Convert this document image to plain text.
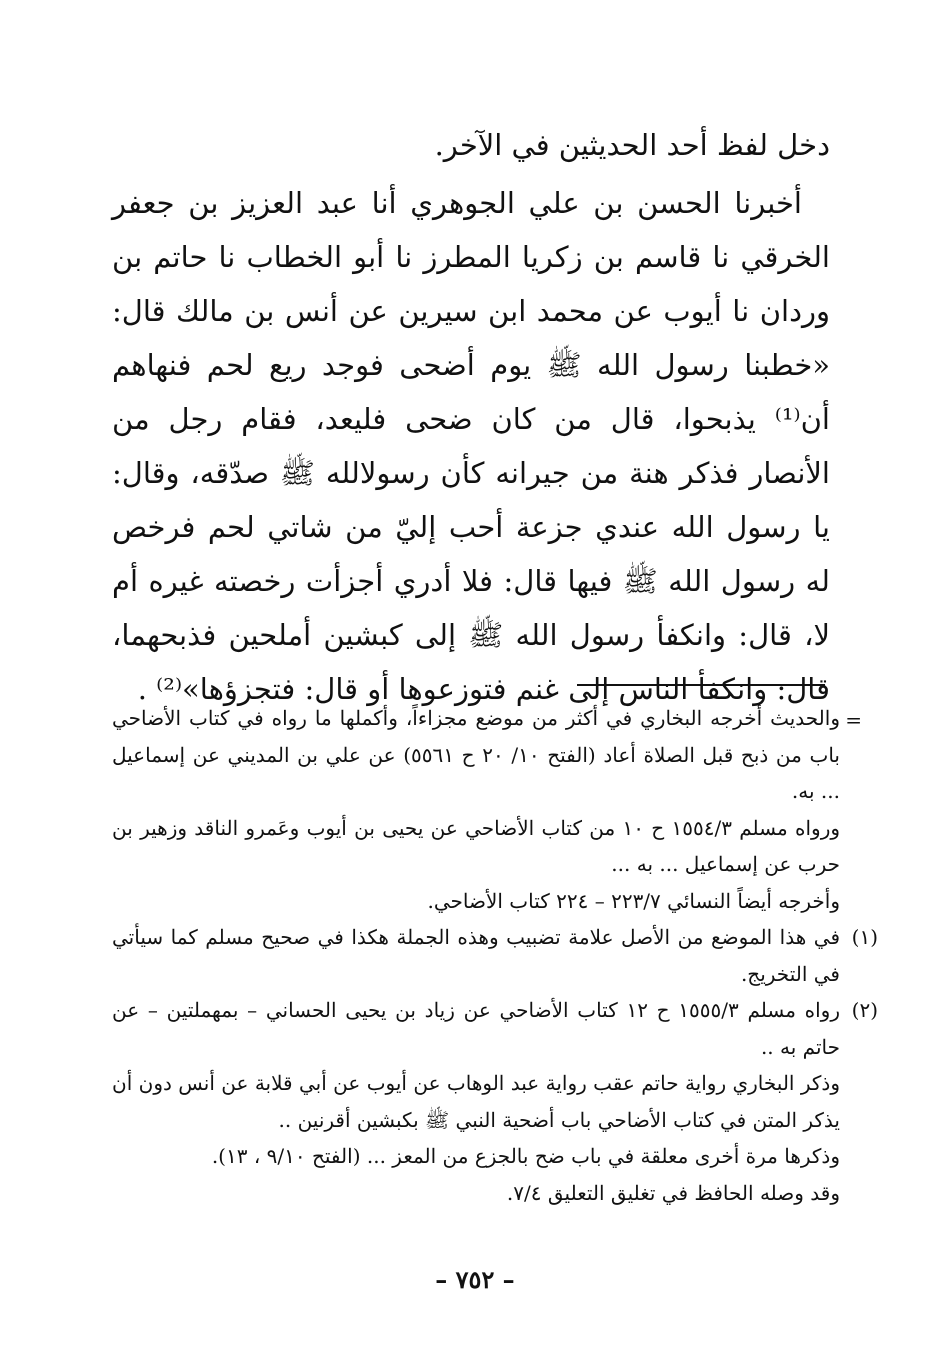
دخل لفظ أحد الحديثين في الآخر.

أخبرنا الحسن بن علي الجوهري أنا عبد العزيز بن جعفر الخرقي نا قاسم بن زكريا المطرز نا أبو الخطاب نا حاتم بن وردان نا أيوب عن محمد ابن سيرين عن أنس بن مالك قال: «خطبنا رسول الله ﷺ يوم أضحى فوجد ريع لحم فنهاهم أن⁽¹⁾ يذبحوا، قال من كان ضحى فليعد، فقام رجل من الأنصار فذكر هنة من جيرانه كأن رسولالله ﷺ صدّقه، وقال: يا رسول الله عندي جزعة أحب إليّ من شاتي لحم فرخص له رسول الله ﷺ فيها قال: فلا أدري أجزأت رخصته غيره أم لا، قال: وانكفأ رسول الله ﷺ إلى كبشين أملحين فذبحهما، قال: وانكفأ الناس إلى غنم فتوزعوها أو قال: فتجزؤها»⁽²⁾ .

=

والحديث أخرجه البخاري في أكثر من موضع مجزاءاً، وأكملها ما رواه في كتاب الأضاحي باب من ذبح قبل الصلاة أعاد (الفتح ١٠/ ٢٠ ح ٥٥٦١) عن علي بن المديني عن إسماعيل ... به.

ورواه مسلم ١٥٥٤/٣ ح ١٠ من كتاب الأضاحي عن يحيى بن أيوب وعَمرو الناقد وزهير بن حرب عن إسماعيل ... به ...

وأخرجه أيضاً النسائي ٢٢٣/٧ – ٢٢٤ كتاب الأضاحي.

(١)

في هذا الموضع من الأصل علامة تضبيب وهذه الجملة هكذا في صحيح مسلم كما سيأتي في التخريج.

(٢)

رواه مسلم ١٥٥٥/٣ ح ١٢ كتاب الأضاحي عن زياد بن يحيى الحساني – بمهملتين – عن حاتم به ..

وذكر البخاري رواية حاتم عقب رواية عبد الوهاب عن أيوب عن أبي قلابة عن أنس دون أن يذكر المتن في كتاب الأضاحي باب أضحية النبي ﷺ بكبشين أقرنين ..

وذكرها مرة أخرى معلقة في باب ضح بالجزع من المعز ... (الفتح ٩/١٠ ، ١٣).

وقد وصله الحافظ في تغليق التعليق ٧/٤.

– ٧٥٢ –
